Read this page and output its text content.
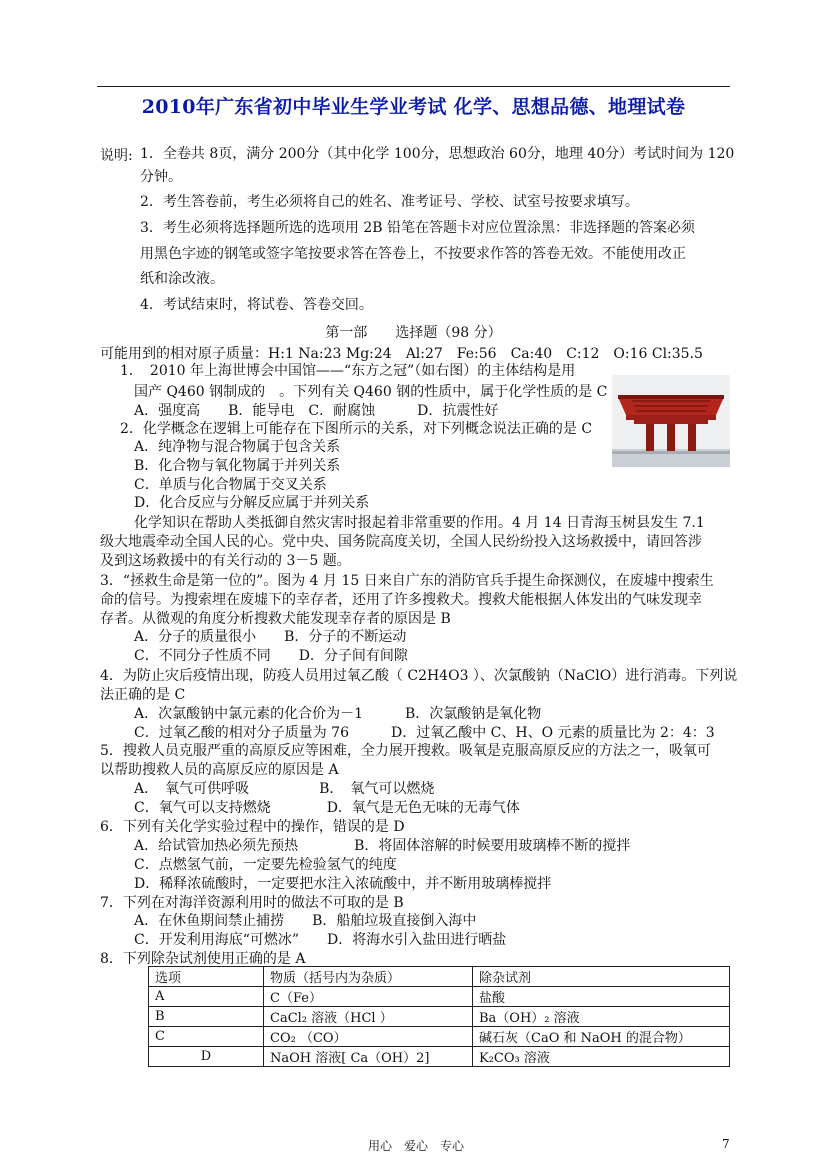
2010年广东省初中毕业生学业考试 化学、思想品德、地理试卷
说明: 1．全卷共 8页，满分 200分（其中化学 100分，思想政治 60分，地理 40分）考试时间为 120
分钟。
2．考生答卷前，考生必须将自己的姓名、准考证号、学校、试室号按要求填写。
3．考生必须将选择题所选的选项用 2B 铅笔在答题卡对应位置涂黑：非选择题的答案必须
用黑色字迹的钢笔或签字笔按要求答在答卷上，不按要求作答的答卷无效。不能使用改正
纸和涂改液。
4．考试结束时，将试卷、答卷交回。
第一部　　选择题（98 分）
可能用到的相对原子质量：H:1 Na:23 Mg:24　Al:27　Fe:56　Ca:40　C:12　O:16 Cl:35.5
1．　2010 年上海世博会中国馆——“东方之冠”（如右图）的主体结构是用
国产 Q460 钢制成的　。下列有关 Q460 钢的性质中，属于化学性质的是 C
A．强度高　　B．能导电　C．耐腐蚀　　　D．抗震性好
2．化学概念在逻辑上可能存在下图所示的关系，对下列概念说法正确的是 C
A．纯净物与混合物属于包含关系
B．化合物与氧化物属于并列关系
C．单质与化合物属于交叉关系
D．化合反应与分解反应属于并列关系
化学知识在帮助人类抵御自然灾害时报起着非常重要的作用。4 月 14 日青海玉树县发生 7.1
级大地震牵动全国人民的心。党中央、国务院高度关切，全国人民纷纷投入这场救援中，请回答涉
及到这场救援中的有关行动的 3－5 题。
3．“拯救生命是第一位的”。图为 4 月 15 日来自广东的消防官兵手提生命探测仪，在废墟中搜索生
命的信号。为搜索埋在废墟下的幸存者，还用了许多搜救犬。搜救犬能根据人体发出的气味发现幸
存者。从微观的角度分析搜救犬能发现幸存者的原因是 B
A．分子的质量很小　　B．分子的不断运动
C．不同分子性质不同　　D．分子间有间隙
4．为防止灾后疫情出现，防疫人员用过氧乙酸（ C2H4O3 ）、次氯酸钠（NaClO）进行消毒。下列说
法正确的是 C
A．次氯酸钠中氯元素的化合价为－1　　　B．次氯酸钠是氧化物
C．过氧乙酸的相对分子质量为 76　　　D．过氧乙酸中 C、H、O 元素的质量比为 2：4：3
5．搜救人员克服严重的高原反应等困难，全力展开搜救。吸氧是克服高原反应的方法之一，吸氧可
以帮助搜救人员的高原反应的原因是 A
A．　氧气可供呼吸　　　　　B．　氧气可以燃烧
C．氧气可以支持燃烧　　　　D．氧气是无色无味的无毒气体
6．下列有关化学实验过程中的操作，错误的是 D
A．给试管加热必须先预热　　　　B．将固体溶解的时候要用玻璃棒不断的搅拌
C．点燃氢气前，一定要先检验氢气的纯度
D．稀释浓硫酸时，一定要把水注入浓硫酸中，并不断用玻璃棒搅拌
7．下列在对海洋资源利用时的做法不可取的是 B
A．在休鱼期间禁止捕捞　　B．船舶垃圾直接倒入海中
C．开发利用海底“可燃冰”　　D．将海水引入盐田进行晒盐
8．下列除杂试剂使用正确的是 A
选项	物质（括号内为杂质）	除杂试剂
A	C（Fe）	盐酸
B	CaCl₂ 溶液（HCl ）	Ba（OH）₂ 溶液
C	CO₂ （CO）	碱石灰（CaO 和 NaOH 的混合物）
D	NaOH 溶液[ Ca（OH）2]	K₂CO₃ 溶液
用心　爱心　专心	7
